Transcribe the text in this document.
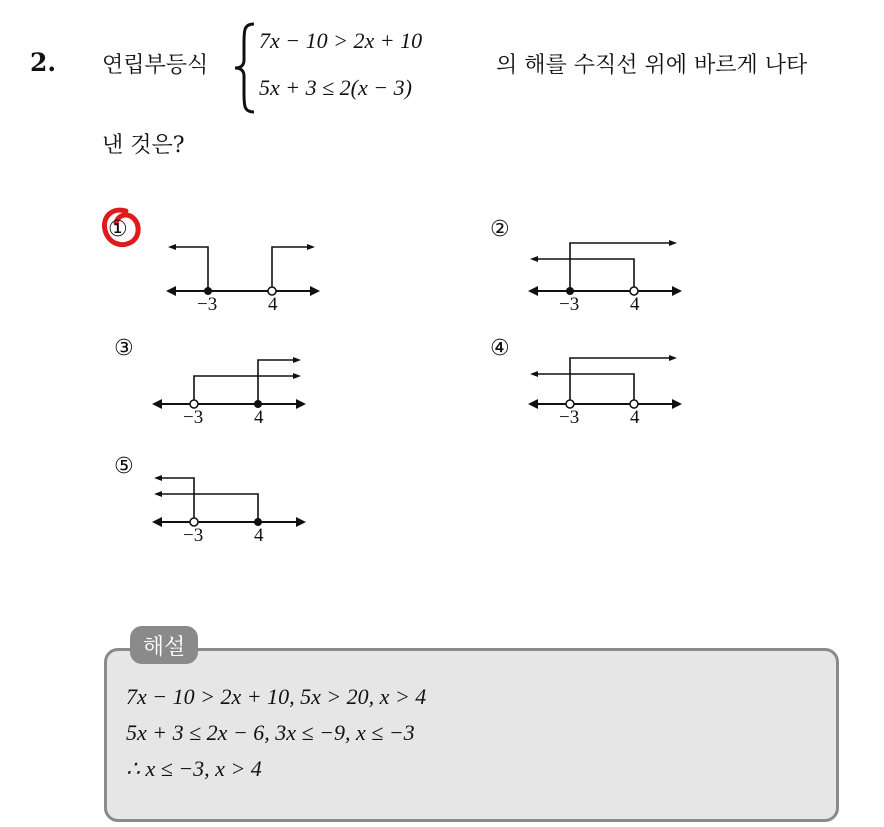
2. 연립부등식
7x − 10 > 2x + 10
5x + 3 ≤ 2(x − 3)
의 해를 수직선 위에 바르게 나타
낸 것은?
①
−3	4
②
−3	4
③
−3	4
④
−3	4
⑤
−3	4
해설
7x − 10 > 2x + 10, 5x > 20, x > 4
5x + 3 ≤ 2x − 6, 3x ≤ −9, x ≤ −3
∴ x ≤ −3, x > 4
